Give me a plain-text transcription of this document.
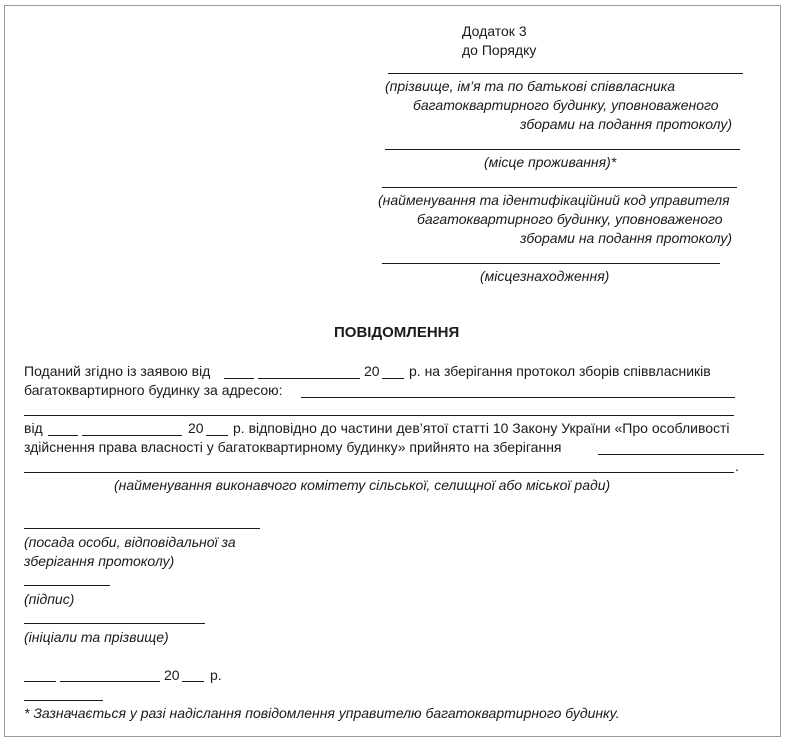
Додаток 3
до Порядку
(прізвище, ім’я та по батькові співвласника
багатоквартирного будинку, уповноваженого
зборами на подання протоколу)
(місце проживання)*
(найменування та ідентифікаційний код управителя
багатоквартирного будинку, уповноваженого
зборами на подання протоколу)
(місцезнаходження)
ПОВІДОМЛЕННЯ
Поданий згідно із заявою від	20 р. на зберігання протокол зборів співвласників
багатоквартирного будинку за адресою:
від	20 р. відповідно до частини дев’ятої статті 10 Закону України «Про особливості
здійснення права власності у багатоквартирному будинку» прийнято на зберігання
.
(найменування виконавчого комітету сільської, селищної або міської ради)
(посада особи, відповідальної за
зберігання протоколу)
(підпис)
(ініціали та прізвище)
20 р.
* Зазначається у разі надіслання повідомлення управителю багатоквартирного будинку.
